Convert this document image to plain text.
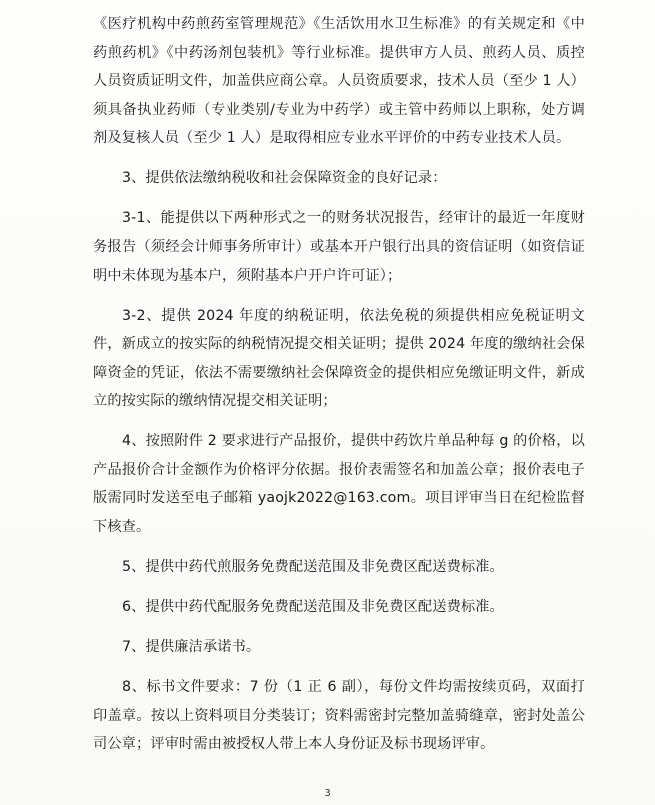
《医疗机构中药煎药室管理规范》《生活饮用水卫生标准》的有关规定和《中药煎药机》《中药汤剂包装机》等行业标准。提供审方人员、煎药人员、质控人员资质证明文件，加盖供应商公章。人员资质要求，技术人员（至少 1 人）须具备执业药师（专业类别/专业为中药学）或主管中药师以上职称，处方调剂及复核人员（至少 1 人）是取得相应专业水平评价的中药专业技术人员。

3、提供依法缴纳税收和社会保障资金的良好记录：

3-1、能提供以下两种形式之一的财务状况报告，经审计的最近一年度财务报告（须经会计师事务所审计）或基本开户银行出具的资信证明（如资信证明中未体现为基本户，须附基本户开户许可证）；

3-2、提供 2024 年度的纳税证明，依法免税的须提供相应免税证明文件，新成立的按实际的纳税情况提交相关证明；提供 2024 年度的缴纳社会保障资金的凭证，依法不需要缴纳社会保障资金的提供相应免缴证明文件，新成立的按实际的缴纳情况提交相关证明；

4、按照附件 2 要求进行产品报价，提供中药饮片单品种每 g 的价格，以产品报价合计金额作为价格评分依据。报价表需签名和加盖公章；报价表电子版需同时发送至电子邮箱 yaojk2022@163.com。项目评审当日在纪检监督下核查。

5、提供中药代煎服务免费配送范围及非免费区配送费标准。

6、提供中药代配服务免费配送范围及非免费区配送费标准。

7、提供廉洁承诺书。

8、标书文件要求：7 份（1 正 6 副），每份文件均需按续页码，双面打印盖章。按以上资料项目分类装订；资料需密封完整加盖骑缝章，密封处盖公司公章；评审时需由被授权人带上本人身份证及标书现场评审。

3
